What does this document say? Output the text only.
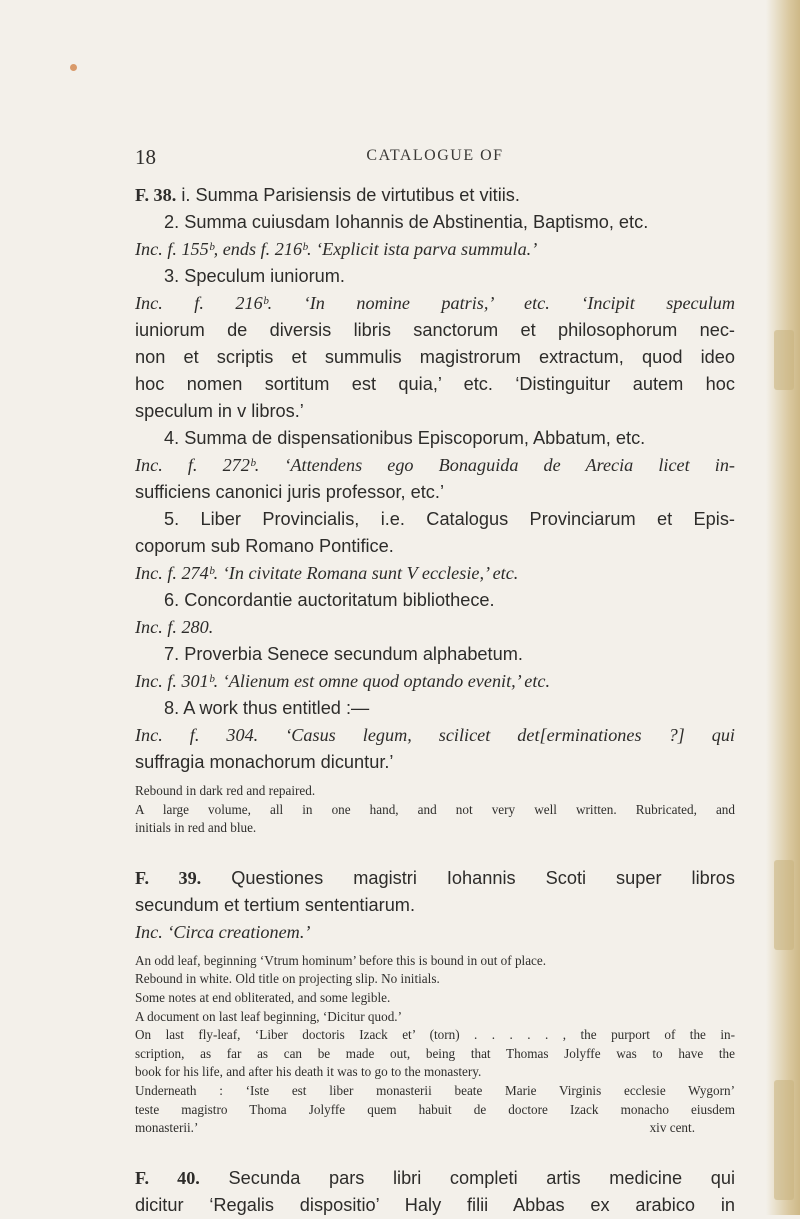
18	CATALOGUE OF
F. 38. i. Summa Parisiensis de virtutibus et vitiis.
2. Summa cuiusdam Iohannis de Abstinentia, Baptismo, etc.
Inc. f. 155ᵇ, ends f. 216ᵇ. ‘Explicit ista parva summula.’
3. Speculum iuniorum.
Inc. f. 216ᵇ. ‘In nomine patris,’ etc. ‘Incipit speculum
iuniorum de diversis libris sanctorum et philosophorum nec-
non et scriptis et summulis magistrorum extractum, quod ideo
hoc nomen sortitum est quia,’ etc. ‘Distinguitur autem hoc
speculum in v libros.’
4. Summa de dispensationibus Episcoporum, Abbatum, etc.
Inc. f. 272ᵇ. ‘Attendens ego Bonaguida de Arecia licet in-
sufficiens canonici juris professor, etc.’
5. Liber Provincialis, i.e. Catalogus Provinciarum et Epis-
coporum sub Romano Pontifice.
Inc. f. 274ᵇ. ‘In civitate Romana sunt V ecclesie,’ etc.
6. Concordantie auctoritatum bibliothece.
Inc. f. 280.
7. Proverbia Senece secundum alphabetum.
Inc. f. 301ᵇ. ‘Alienum est omne quod optando evenit,’ etc.
8. A work thus entitled :—
Inc. f. 304. ‘Casus legum, scilicet det[erminationes ?] qui
suffragia monachorum dicuntur.’
Rebound in dark red and repaired.
A large volume, all in one hand, and not very well written. Rubricated, and
initials in red and blue.
F. 39. Questiones magistri Iohannis Scoti super libros
secundum et tertium sententiarum.
Inc. ‘Circa creationem.’
An odd leaf, beginning ‘Vtrum hominum’ before this is bound in out of place.
Rebound in white. Old title on projecting slip. No initials.
Some notes at end obliterated, and some legible.
A document on last leaf beginning, ‘Dicitur quod.’
On last fly-leaf, ‘Liber doctoris Izack et’ (torn) . . . . . , the purport of the in-
scription, as far as can be made out, being that Thomas Jolyffe was to have the
book for his life, and after his death it was to go to the monastery.
Underneath : ‘Iste est liber monasterii beate Marie Virginis ecclesie Wygorn’
teste magistro Thoma Jolyffe quem habuit de doctore Izack monacho eiusdem
monasterii.’	xiv cent.
F. 40. Secunda pars libri completi artis medicine qui
dicitur ‘Regalis dispositio’ Haly filii Abbas ex arabico in
